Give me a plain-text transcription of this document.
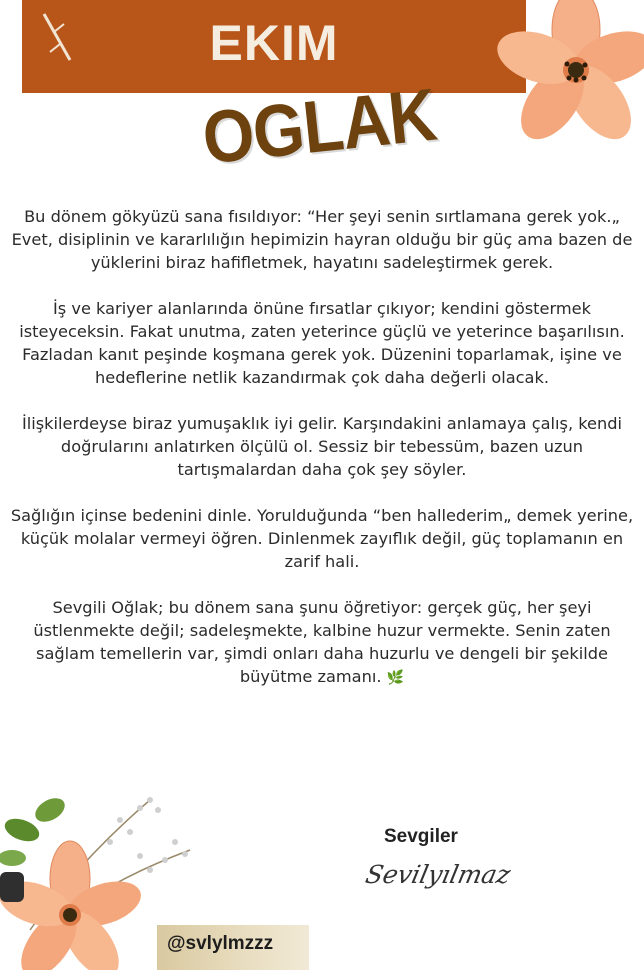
EKIM
OGLAK

Bu dönem gökyüzü sana fısıldıyor: “Her şeyi senin sırtlamana gerek yok.„ Evet, disiplinin ve kararlılığın hepimizin hayran olduğu bir güç ama bazen de yüklerini biraz hafifletmek, hayatını sadeleştirmek gerek.

İş ve kariyer alanlarında önüne fırsatlar çıkıyor; kendini göstermek isteyeceksin. Fakat unutma, zaten yeterince güçlü ve yeterince başarılısın. Fazladan kanıt peşinde koşmana gerek yok. Düzenini toparlamak, işine ve hedeflerine netlik kazandırmak çok daha değerli olacak.

İlişkilerdeyse biraz yumuşaklık iyi gelir. Karşındakini anlamaya çalış, kendi doğrularını anlatırken ölçülü ol. Sessiz bir tebessüm, bazen uzun tartışmalardan daha çok şey söyler.

Sağlığın içinse bedenini dinle. Yorulduğunda “ben hallederim„ demek yerine, küçük molalar vermeyi öğren. Dinlenmek zayıflık değil, güç toplamanın en zarif hali.

Sevgili Oğlak; bu dönem sana şunu öğretiyor: gerçek güç, her şeyi üstlenmekte değil; sadeleşmekte, kalbine huzur vermekte. Senin zaten sağlam temellerin var, şimdi onları daha huzurlu ve dengeli bir şekilde büyütme zamanı. 🌿

Sevgiler
Sevilyılmaz
@svlylmzzz
